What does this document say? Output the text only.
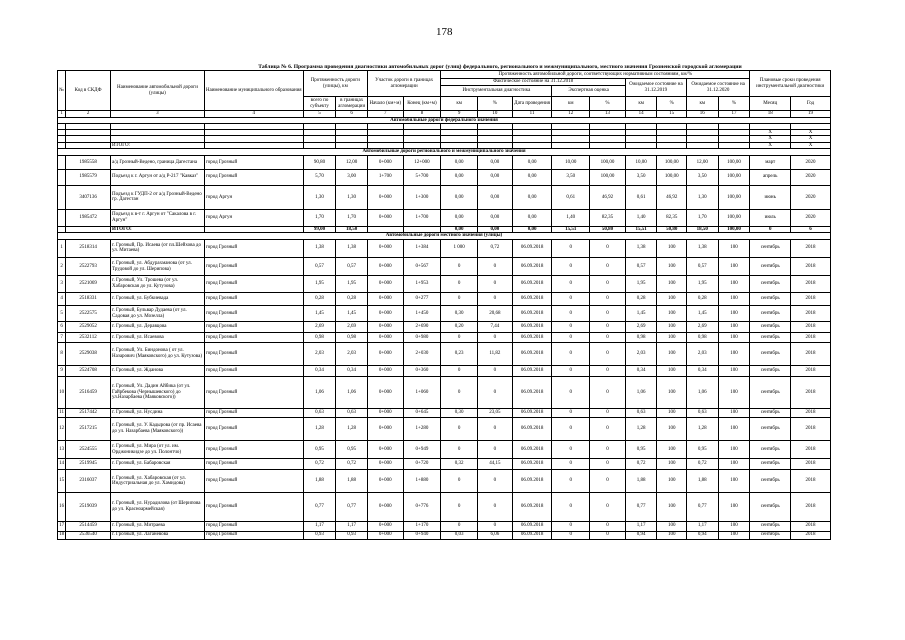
178
Таблица № 6. Программа проведения диагностики автомобильных дорог (улиц) федерального, регионального и межмуниципального, местного значения Грозненской городской агломерации
№	Код в СКДФ	Наименование автомобильной дороги (улицы)	Наименование муниципального образования	Протяженность дороги (улицы), км		Участок дороги в границах агломерации		Протяженность автомобильной дороги, соответствующих нормативным состояниям, км/%									Плановые сроки проведения инструментальной диагностики	
								Фактическое состояние на 31.12.2018					Ожидаемое состояние на 31.12.2019		Ожидаемое состояние на 31.12.2020			
								Инструментальная диагностика			Экспертная оценка							
				всего по субъекту	в границах агломерации	Начало (км+м)	Конец (км+м)	км	%	Дата проведения	км	%	км	%	км	%	Месяц	Год
1	2	3	4	5	6	7	8	9	10	11	12	13	14	15	16	17	18	19
Автомобильные дороги федерального значения																		

																	Х	Х
																	Х	Х
		ИТОГО:															Х	Х
Автомобильные дороги регионального и межмуниципального значения																		
	1985558	а/д Грозный-Ведено, граница Дагестана	город Грозный	90,80	12,00	0+000	12+000	0,00	0,00	0,00	10,00	100,00	10,00	100,00	12,00	100,00	март	2020
	1985579	Подъезд к г. Аргун от а/д Р-217 "Кавказ"	город Грозный	5,70	3,00	1+700	5+700	0,00	0,00	0,00	3,50	100,00	3,50	100,00	3,50	100,00	апрель	2020
	3407136	Подъезд к ГУДП-2 от а/д Грозный-Ведено гр. Дагестан	город Аргун	1,30	1,30	0+000	1+300	0,00	0,00	0,00	0,61	46,92	0,61	46,92	1,30	100,00	июнь	2020
	1985472	Подъезд к в-т г. Аргун от "Сакалова в г. Аргун"	город Аргун	1,70	1,70	0+000	1+700	0,00	0,00	0,00	1,40	82,35	1,40	82,35	1,70	100,00	июль	2020
		ИТОГО:		99,00	18,50			0,00	0,00	0,00	15,51	50,80	15,51	50,80	18,50	100,00	0	6
Автомобильные дороги местного значения (улицы)																		
1	2518314	г. Грозный, Пр. Исаева (от пл.Шейхова до ул. Митаева)	город Грозный	1,38	1,38	0+000	1+384	1 000	0,72	06.09.2018	0	0	1,38	100	1,38	100	сентябрь	2018
2	2522793	г. Грозный, ул. Абдурахманова (от ул. Трудовой до ул. Шерипова)	город Грозный	0,57	0,57	0+000	0+567	0	0	06.09.2018	0	0	0,57	100	0,57	100	сентябрь	2018
3	2521069	г. Грозный, Ул. Трошева (от ул. Хабаровская до ул. Кутузова)	город Грозный	1,95	1,95	0+000	1+953	0	0	06.09.2018	0	0	1,95	100	1,95	100	сентябрь	2018
4	2518331	г. Грозный, ул. Бубкиевада	город Грозный	0,28	0,28	0+000	0+277	0	0	06.09.2018	0	0	0,28	100	0,28	100	сентябрь	2018
5	2522575	г. Грозный, Бульвар Дудаева (от ул. Садовая до ул. Мозелла)	город Грозный	1,45	1,45	0+000	1+450	0,30	20,68	06.09.2018	0	0	1,45	100	1,45	100	сентябрь	2018
6	2529052	г. Грозный, ул. Деравцова	город Грозный	2,69	2,69	0+000	2+690	0,20	7,44	06.09.2018	0	0	2,69	100	2,69	100	сентябрь	2018
7	2532112	г. Грозный, ул. Исаевова	город Грозный	0,98	0,98	0+000	0+980	0	0	06.09.2018	0	0	0,98	100	0,98	100	сентябрь	2018
8	2529038	г. Грозный, Ул. Биндонова ( от ул. Назарович (Маяковского) до ул. Кутузова)	город Грозный	2,03	2,03	0+000	2+030	0,23	11,82	06.09.2018	0	0	2,03	100	2,03	100	сентябрь	2018
9	2524708	г. Грозный, ул. Жданова	город Грозный	0,34	0,34	0+000	0+360	0	0	06.09.2018	0	0	0,34	100	0,34	100	сентябрь	2018
10	2516459	г. Грозный, Ул. Дадин Айбика (от ул. Гайрбекова (Чернышевского) до ул.Назарбаева (Маяковского))	город Грозный	1,06	1,06	0+000	1+060	0	0	06.09.2018	0	0	1,06	100	1,06	100	сентябрь	2018
11	2517442	г. Грозный, ул. Нусдина	город Грозный	0,63	0,63	0+000	0+645	0,30	23,05	06.09.2018	0	0	0,63	100	0,63	100	сентябрь	2018
12	2517215	г. Грозный, ул. У. Кадырова (от пр. Исаева до ул. Назарбаева (Маяковского))	город Грозный	1,28	1,28	0+000	1+280	0	0	06.09.2018	0	0	1,28	100	1,28	100	сентябрь	2018
13	2524555	г. Грозный, ул. Мира (от ул. им. Орджоникидзе до ул. Полонтчо)	город Грозный	0,95	0,95	0+000	0+949	0	0	06.09.2018	0	0	0,95	100	0,95	100	сентябрь	2018
14	2519945	г. Грозный, ул. Бабаровская	город Грозный	0,72	0,72	0+000	0+720	0,32	44,15	06.09.2018	0	0	0,72	100	0,72	100	сентябрь	2018
15	2316037	г. Грозный, ул. Хабаровская (от ул. Индустриальная до ул. Хамидова)	город Грозный	1,88	1,88	0+000	1+880	0	0	06.09.2018	0	0	1,88	100	1,88	100	сентябрь	2018
16	2519039	г. Грозный, ул. Нурадилова (от Шерипова до ул. Красноармейская)	город Грозный	0,77	0,77	0+000	0+776	0	0	06.09.2018	0	0	0,77	100	0,77	100	сентябрь	2018
17	2514459	г. Грозный, ул. Митраева	город Грозный	1,17	1,17	0+000	1+170	0	0	06.09.2018	0	0	1,17	100	1,17	100	сентябрь	2018
18	2536540	г. Грозный, ул. Лаганёвова	город Грозный	0,93	0,93	0+000	0+940	0,03	6,06	06.09.2018	0	0	0,94	100	0,94	100	сентябрь	2018
